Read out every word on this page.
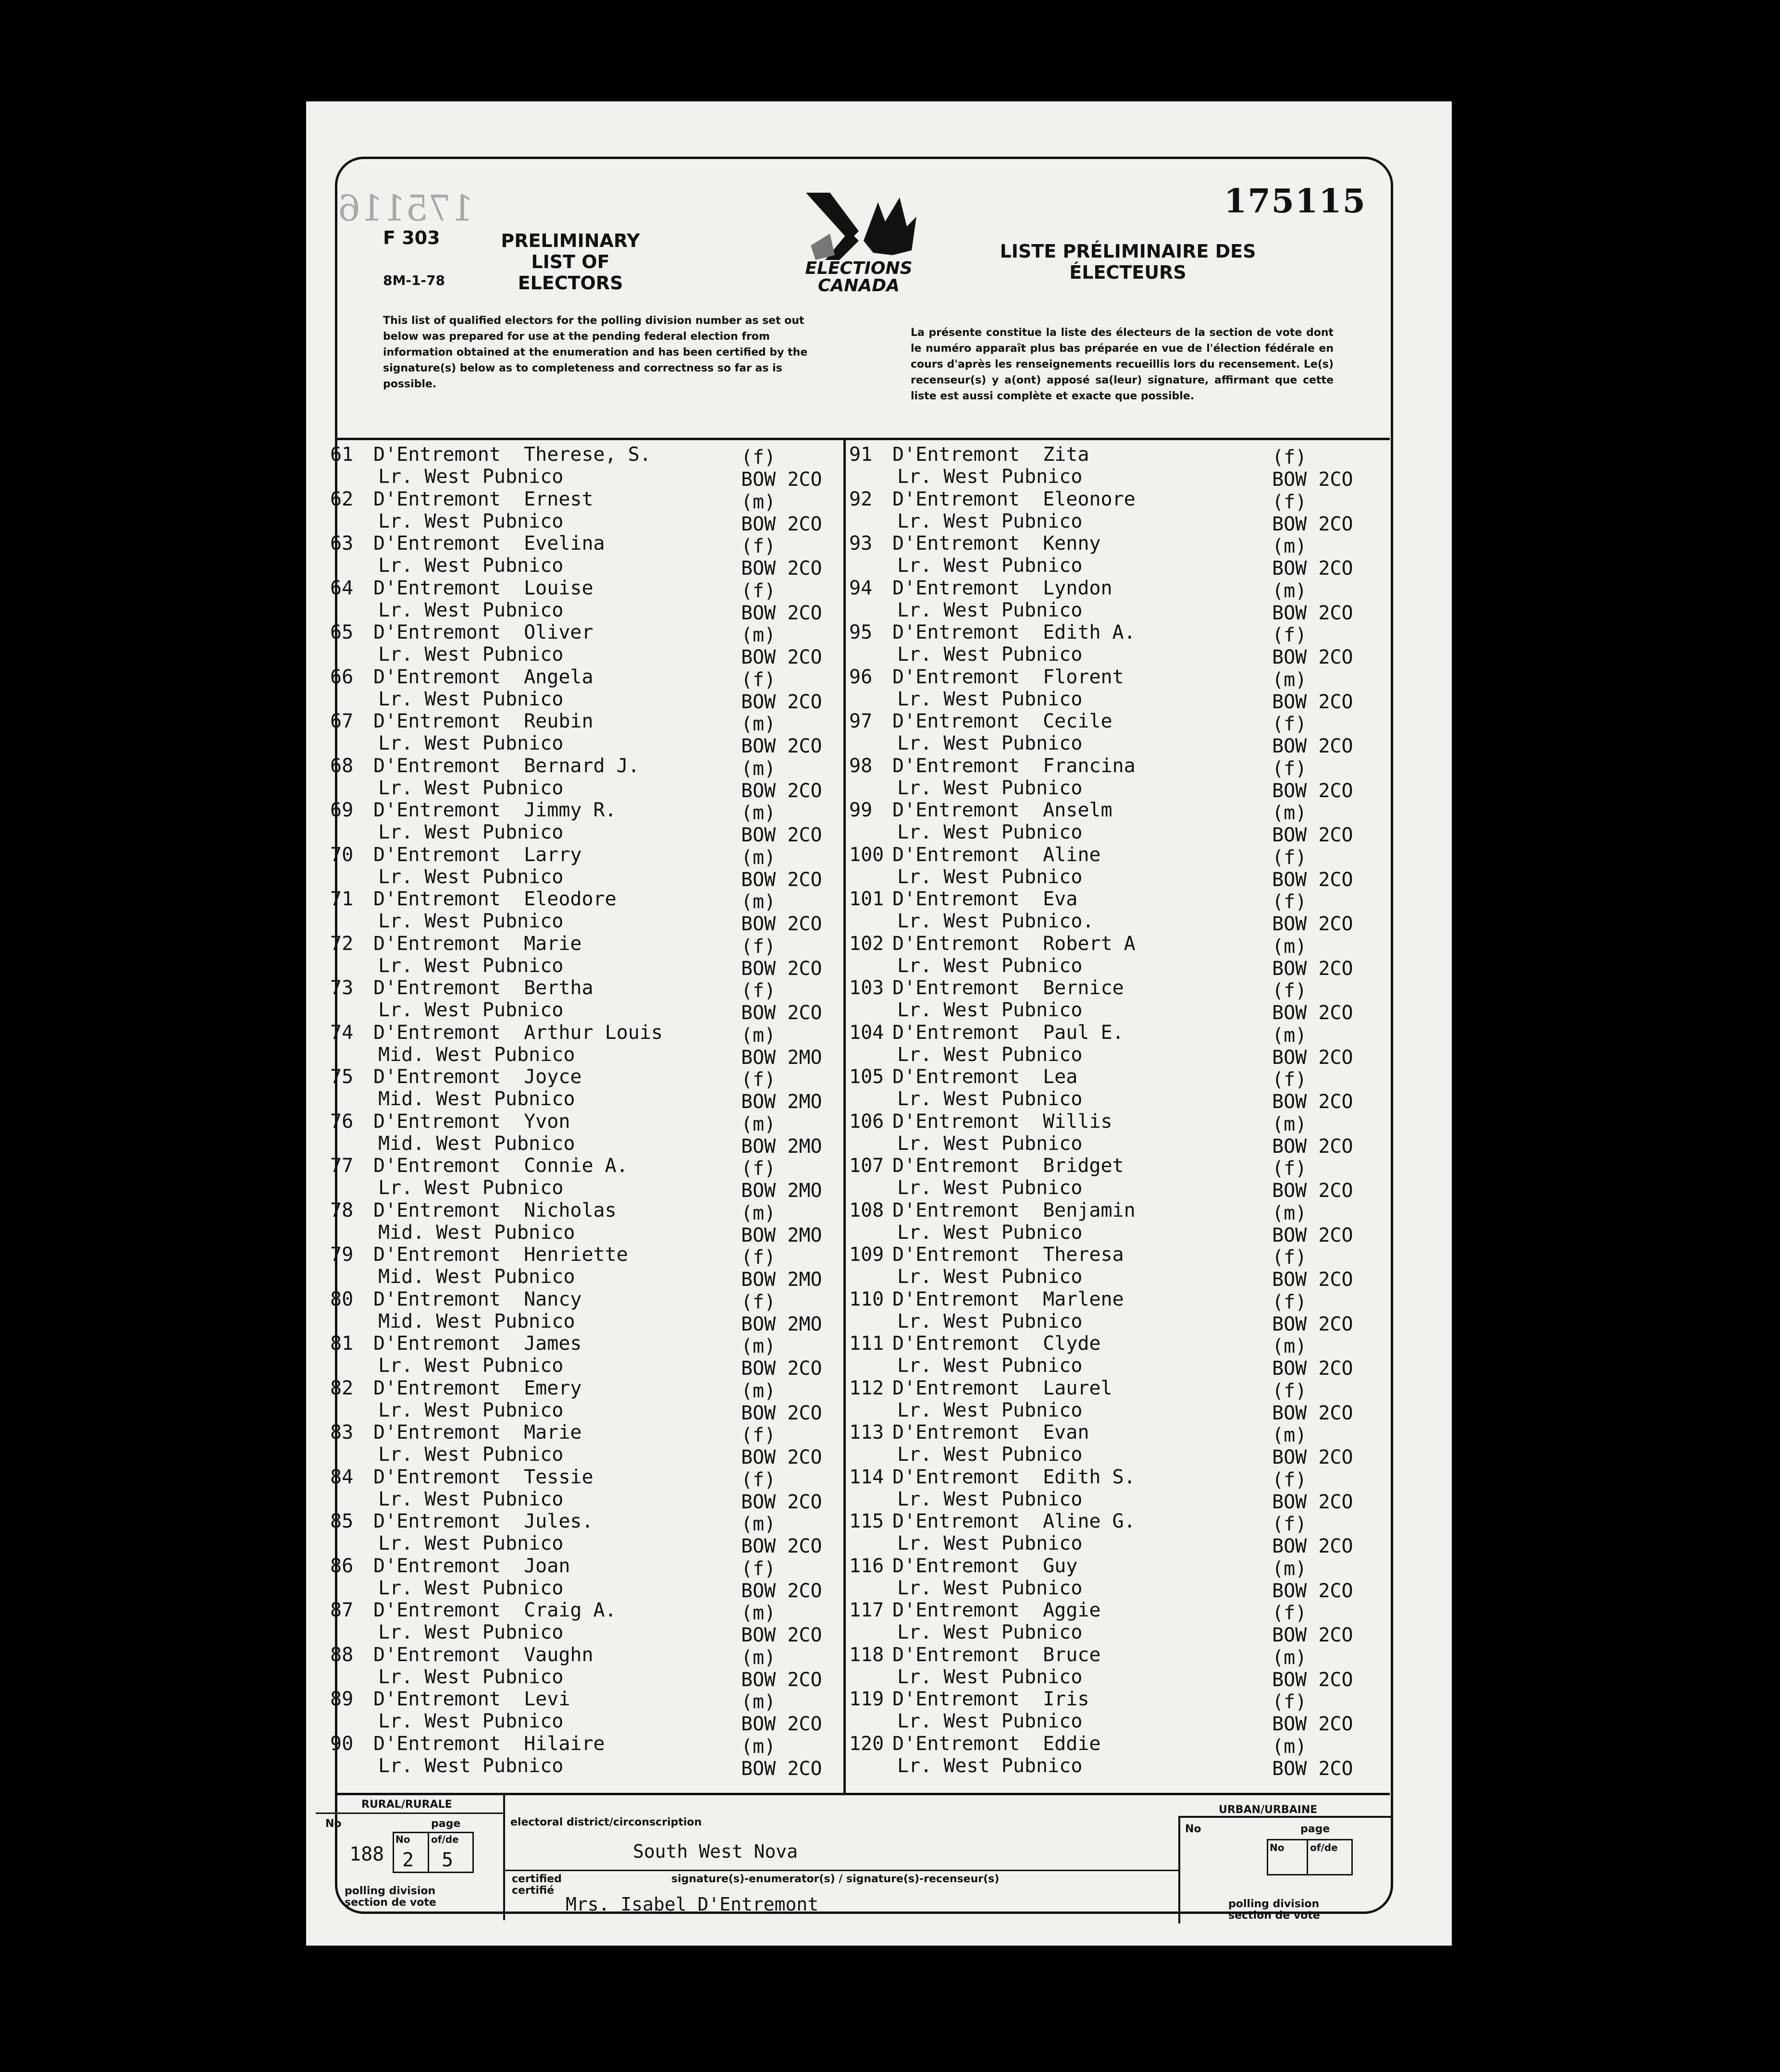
175116
F 303
8M-1-78
PRELIMINARY LIST OF ELECTORS
175115
LISTE PRÉLIMINAIRE DES ÉLECTEURS
ELECTIONS CANADA
This list of qualified electors for the polling division number as set out below was prepared for use at the pending federal election from information obtained at the enumeration and has been certified by the signature(s) below as to completeness and correctness so far as is possible.
La présente constitue la liste des électeurs de la section de vote dont le numéro apparaît plus bas préparée en vue de l'élection fédérale en cours d'après les renseignements recueillis lors du recensement. Le(s) recenseur(s) y a(ont) apposé sa(leur) signature, affirmant que cette liste est aussi complète et exacte que possible.
61	D'Entremont  Therese, S.
Lr. West Pubnico
(f)
BOW 2CO
62	D'Entremont  Ernest
Lr. West Pubnico
(m)
BOW 2CO
63	D'Entremont  Evelina
Lr. West Pubnico
(f)
BOW 2CO
64	D'Entremont  Louise
Lr. West Pubnico
(f)
BOW 2CO
65	D'Entremont  Oliver
Lr. West Pubnico
(m)
BOW 2CO
66	D'Entremont  Angela
Lr. West Pubnico
(f)
BOW 2CO
67	D'Entremont  Reubin
Lr. West Pubnico
(m)
BOW 2CO
68	D'Entremont  Bernard J.
Lr. West Pubnico
(m)
BOW 2CO
69	D'Entremont  Jimmy R.
Lr. West Pubnico
(m)
BOW 2CO
70	D'Entremont  Larry
Lr. West Pubnico
(m)
BOW 2CO
71	D'Entremont  Eleodore
Lr. West Pubnico
(m)
BOW 2CO
72	D'Entremont  Marie
Lr. West Pubnico
(f)
BOW 2CO
73	D'Entremont  Bertha
Lr. West Pubnico
(f)
BOW 2CO
74	D'Entremont  Arthur Louis
Mid. West Pubnico
(m)
BOW 2MO
75	D'Entremont  Joyce
Mid. West Pubnico
(f)
BOW 2MO
76	D'Entremont  Yvon
Mid. West Pubnico
(m)
BOW 2MO
77	D'Entremont  Connie A.
Lr. West Pubnico
(f)
BOW 2MO
78	D'Entremont  Nicholas
Mid. West Pubnico
(m)
BOW 2MO
79	D'Entremont  Henriette
Mid. West Pubnico
(f)
BOW 2MO
80	D'Entremont  Nancy
Mid. West Pubnico
(f)
BOW 2MO
81	D'Entremont  James
Lr. West Pubnico
(m)
BOW 2CO
82	D'Entremont  Emery
Lr. West Pubnico
(m)
BOW 2CO
83	D'Entremont  Marie
Lr. West Pubnico
(f)
BOW 2CO
84	D'Entremont  Tessie
Lr. West Pubnico
(f)
BOW 2CO
85	D'Entremont  Jules.
Lr. West Pubnico
(m)
BOW 2CO
86	D'Entremont  Joan
Lr. West Pubnico
(f)
BOW 2CO
87	D'Entremont  Craig A.
Lr. West Pubnico
(m)
BOW 2CO
88	D'Entremont  Vaughn
Lr. West Pubnico
(m)
BOW 2CO
89	D'Entremont  Levi
Lr. West Pubnico
(m)
BOW 2CO
90	D'Entremont  Hilaire
Lr. West Pubnico
(m)
BOW 2CO
91	D'Entremont  Zita
Lr. West Pubnico
(f)
BOW 2CO
92	D'Entremont  Eleonore
Lr. West Pubnico
(f)
BOW 2CO
93	D'Entremont  Kenny
Lr. West Pubnico
(m)
BOW 2CO
94	D'Entremont  Lyndon
Lr. West Pubnico
(m)
BOW 2CO
95	D'Entremont  Edith A.
Lr. West Pubnico
(f)
BOW 2CO
96	D'Entremont  Florent
Lr. West Pubnico
(m)
BOW 2CO
97	D'Entremont  Cecile
Lr. West Pubnico
(f)
BOW 2CO
98	D'Entremont  Francina
Lr. West Pubnico
(f)
BOW 2CO
99	D'Entremont  Anselm
Lr. West Pubnico
(m)
BOW 2CO
100 D'Entremont  Aline
Lr. West Pubnico
(f)
BOW 2CO
101 D'Entremont  Eva
Lr. West Pubnico.
(f)
BOW 2CO
102 D'Entremont  Robert A
Lr. West Pubnico
(m)
BOW 2CO
103 D'Entremont  Bernice
Lr. West Pubnico
(f)
BOW 2CO
104 D'Entremont  Paul E.
Lr. West Pubnico
(m)
BOW 2CO
105 D'Entremont  Lea
Lr. West Pubnico
(f)
BOW 2CO
106 D'Entremont  Willis
Lr. West Pubnico
(m)
BOW 2CO
107 D'Entremont  Bridget
Lr. West Pubnico
(f)
BOW 2CO
108 D'Entremont  Benjamin
Lr. West Pubnico
(m)
BOW 2CO
109 D'Entremont  Theresa
Lr. West Pubnico
(f)
BOW 2CO
110 D'Entremont  Marlene
Lr. West Pubnico
(f)
BOW 2CO
111 D'Entremont  Clyde
Lr. West Pubnico
(m)
BOW 2CO
112 D'Entremont  Laurel
Lr. West Pubnico
(f)
BOW 2CO
113 D'Entremont  Evan
Lr. West Pubnico
(m)
BOW 2CO
114 D'Entremont  Edith S.
Lr. West Pubnico
(f)
BOW 2CO
115 D'Entremont  Aline G.
Lr. West Pubnico
(f)
BOW 2CO
116 D'Entremont  Guy
Lr. West Pubnico
(m)
BOW 2CO
117 D'Entremont  Aggie
Lr. West Pubnico
(f)
BOW 2CO
118 D'Entremont  Bruce
Lr. West Pubnico
(m)
BOW 2CO
119 D'Entremont  Iris
Lr. West Pubnico
(f)
BOW 2CO
120 D'Entremont  Eddie
Lr. West Pubnico
(m)
BOW 2CO
RURAL/RURALE
No	page
No of/de
188 2 5
polling division
section de vote
electoral district/circonscription
South West Nova
certified
certifié
signature(s)-enumerator(s) / signature(s)-recenseur(s)
Mrs. Isabel D'Entremont
URBAN/URBAINE
No	page
No	of/de
polling division
section de vote
